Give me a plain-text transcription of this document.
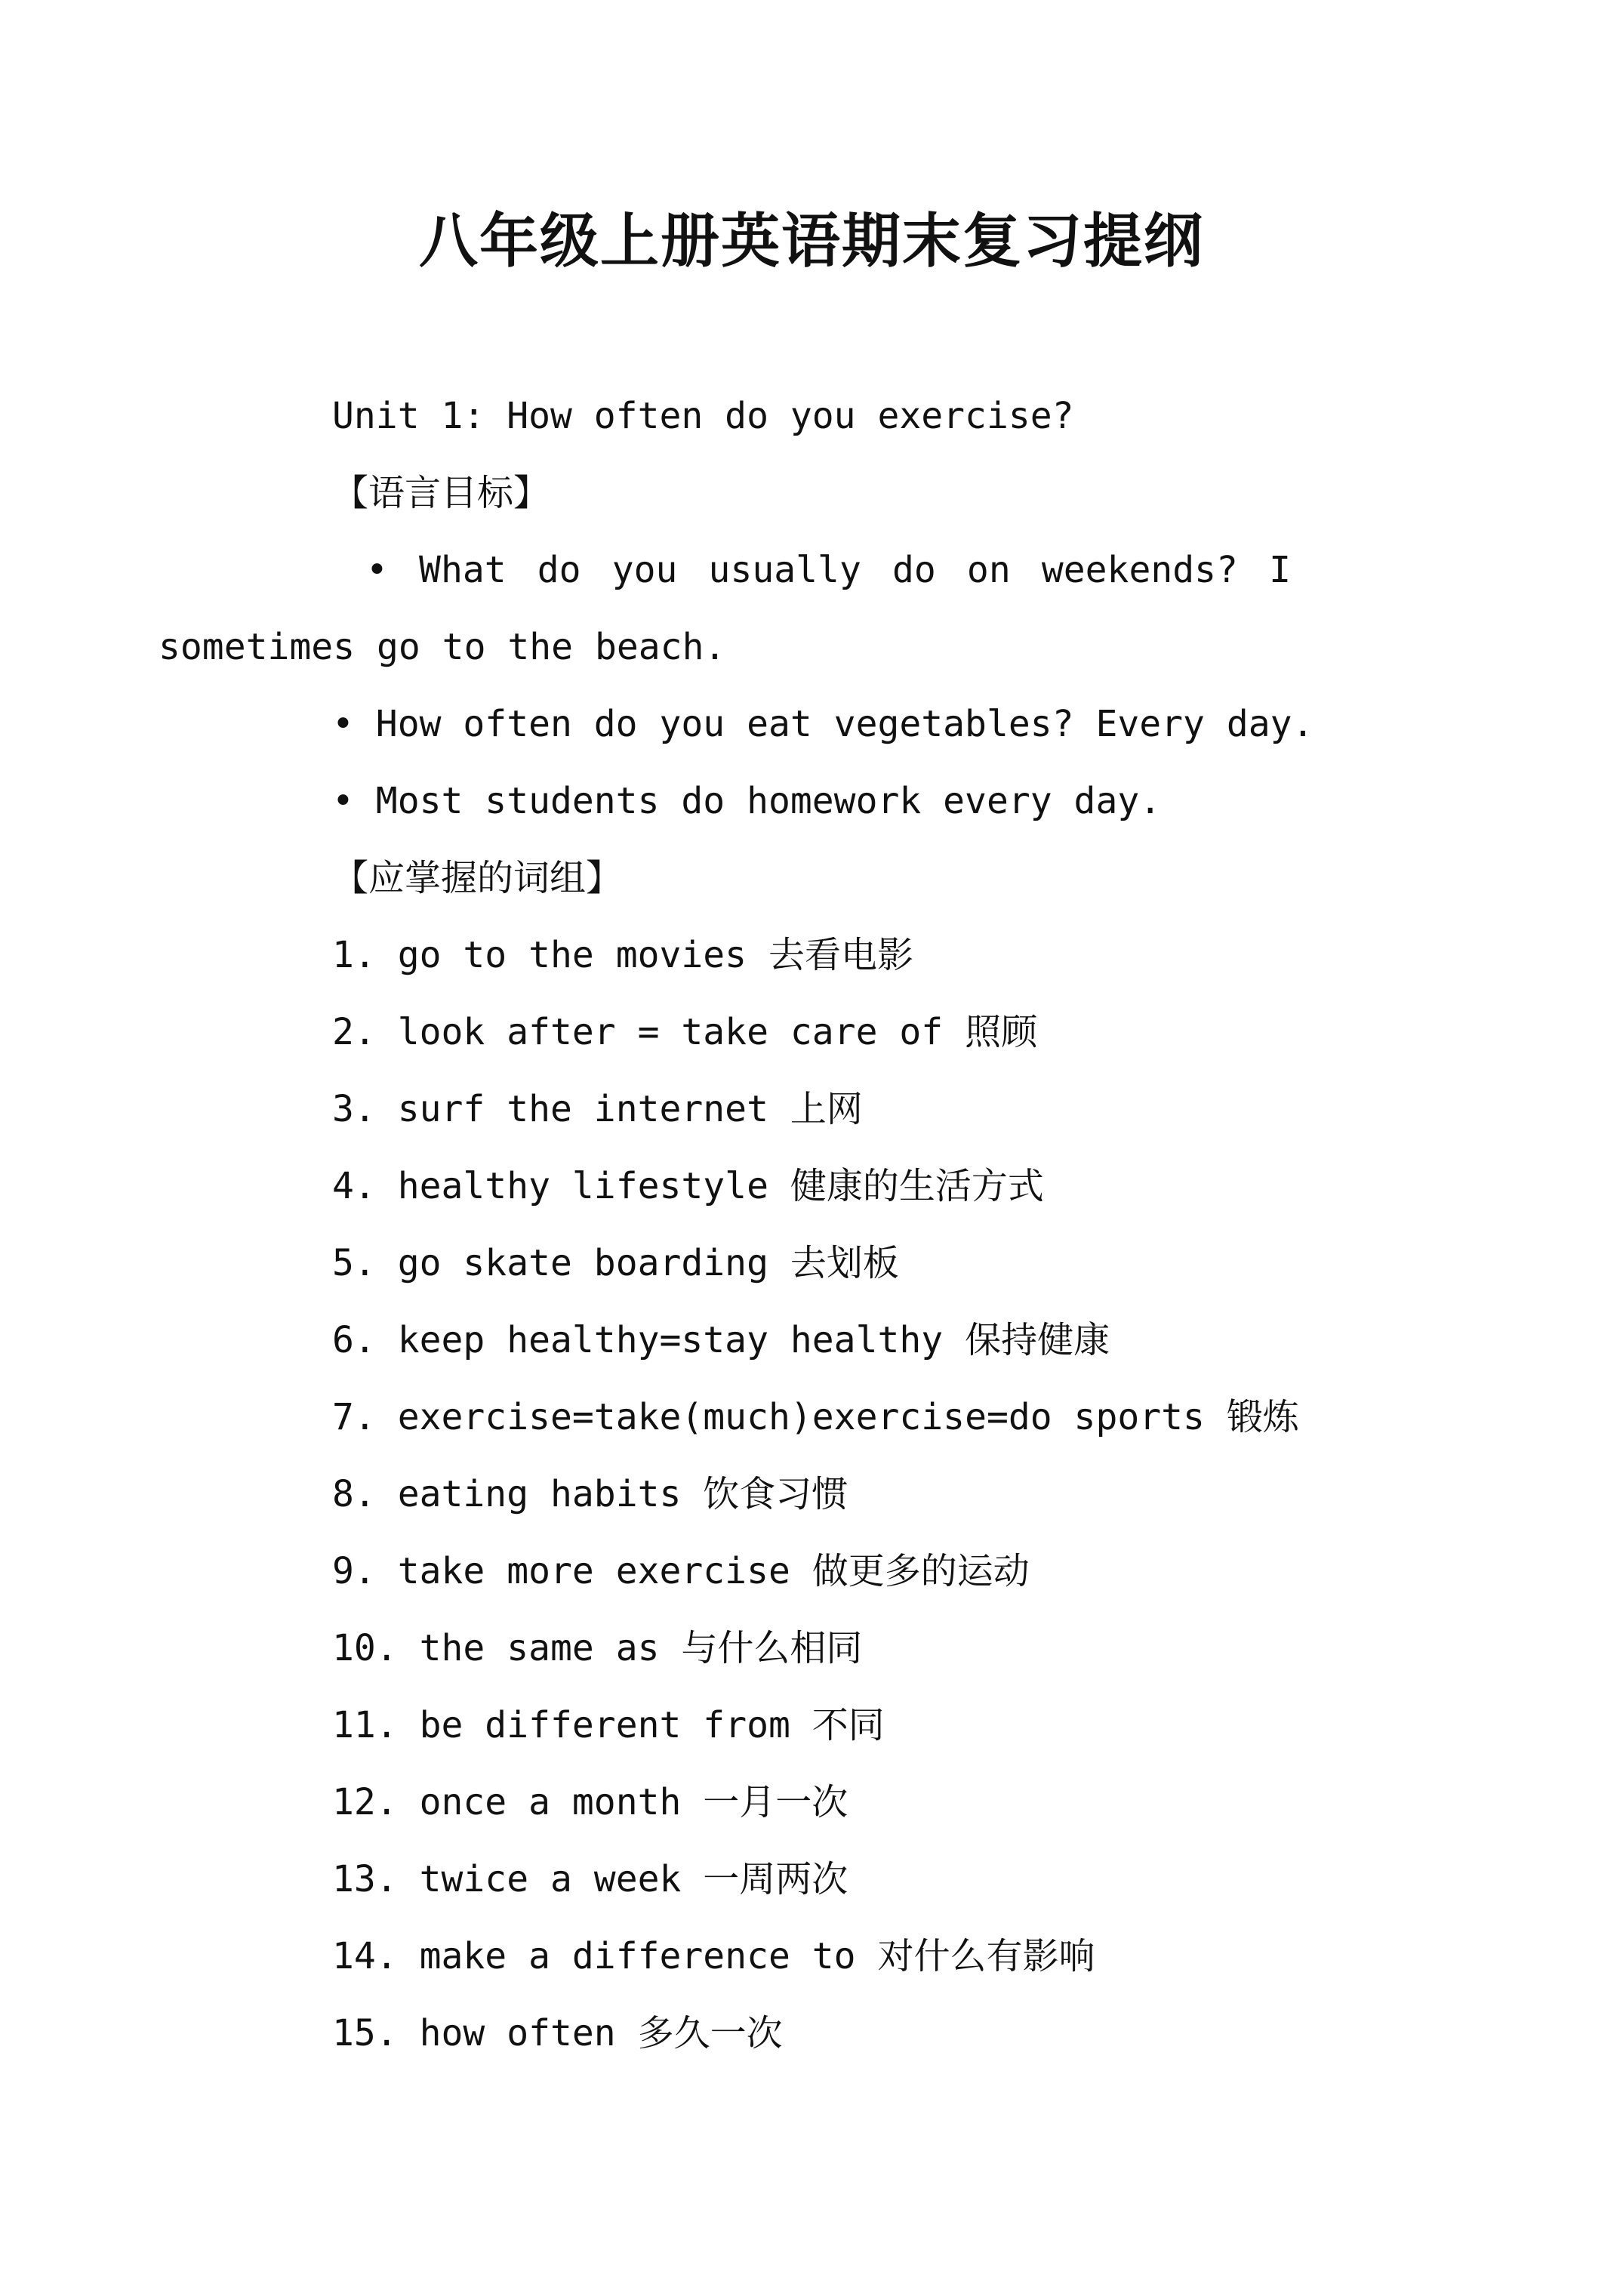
八年级上册英语期末复习提纲

Unit 1: How often do you exercise?

【语言目标】

• What do you usually do on weekends? I sometimes go to the beach.

• How often do you eat vegetables? Every day.

• Most students do homework every day.

【应掌握的词组】

1. go to the movies 去看电影

2. look after = take care of 照顾

3. surf the internet 上网

4. healthy lifestyle 健康的生活方式

5. go skate boarding 去划板

6. keep healthy=stay healthy 保持健康

7. exercise=take(much)exercise=do sports 锻炼

8. eating habits 饮食习惯

9. take more exercise 做更多的运动

10. the same as 与什么相同

11. be different from 不同

12. once a month 一月一次

13. twice a week 一周两次

14. make a difference to 对什么有影响

15. how often 多久一次
